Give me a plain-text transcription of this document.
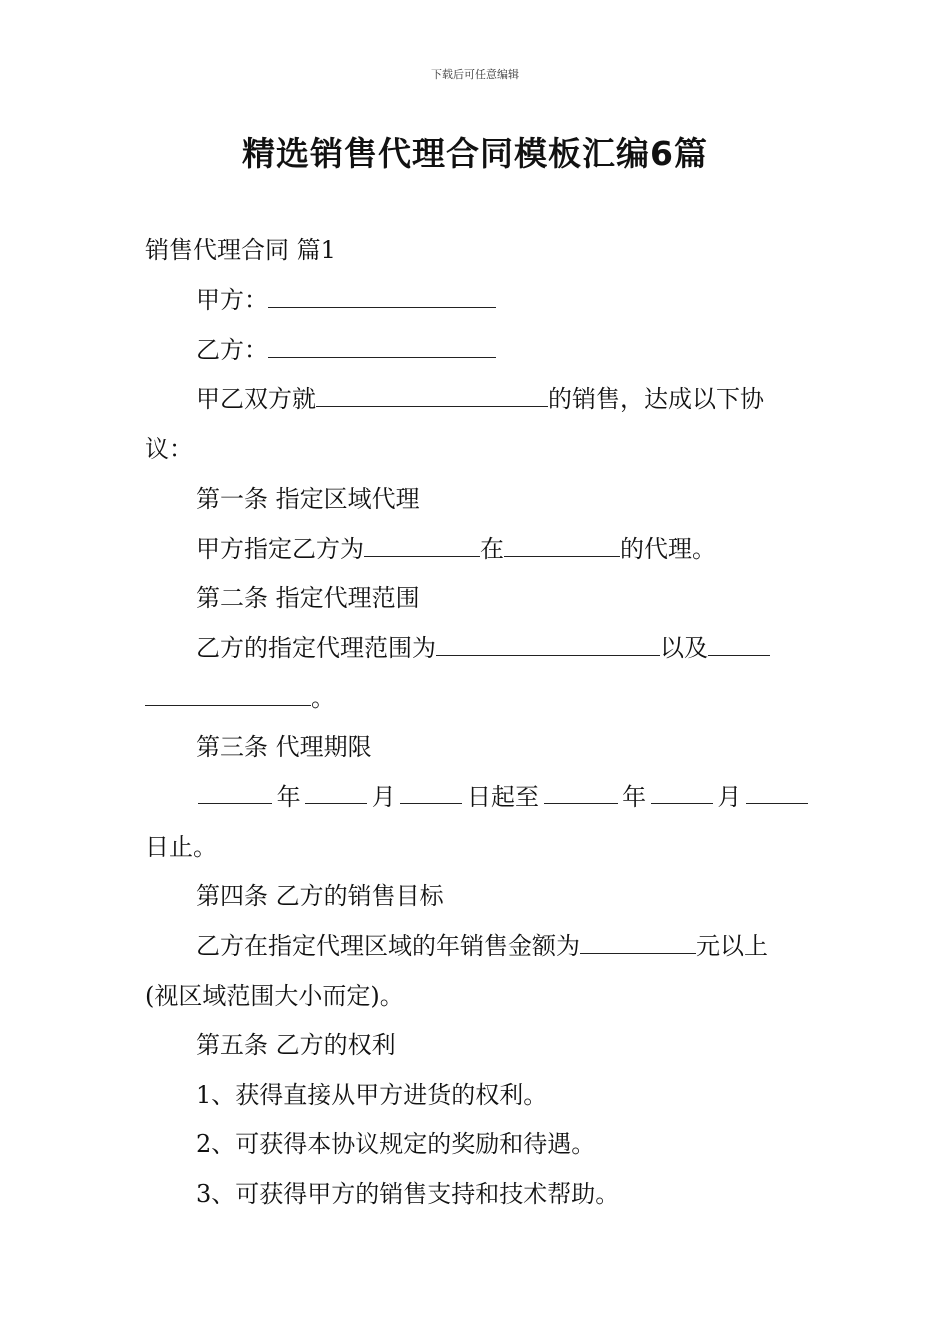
下载后可任意编辑
精选销售代理合同模板汇编6篇
销售代理合同 篇1
甲方：
乙方：
甲乙双方就	的销售，达成以下协
议：
第一条 指定区域代理
甲方指定乙方为	在	的代理。
第二条 指定代理范围
乙方的指定代理范围为	以及
。
第三条 代理期限
年	月	日起至	年	月
日止。
第四条 乙方的销售目标
乙方在指定代理区域的年销售金额为	元以上
(视区域范围大小而定)。
第五条 乙方的权利
1、获得直接从甲方进货的权利。
2、可获得本协议规定的奖励和待遇。
3、可获得甲方的销售支持和技术帮助。
